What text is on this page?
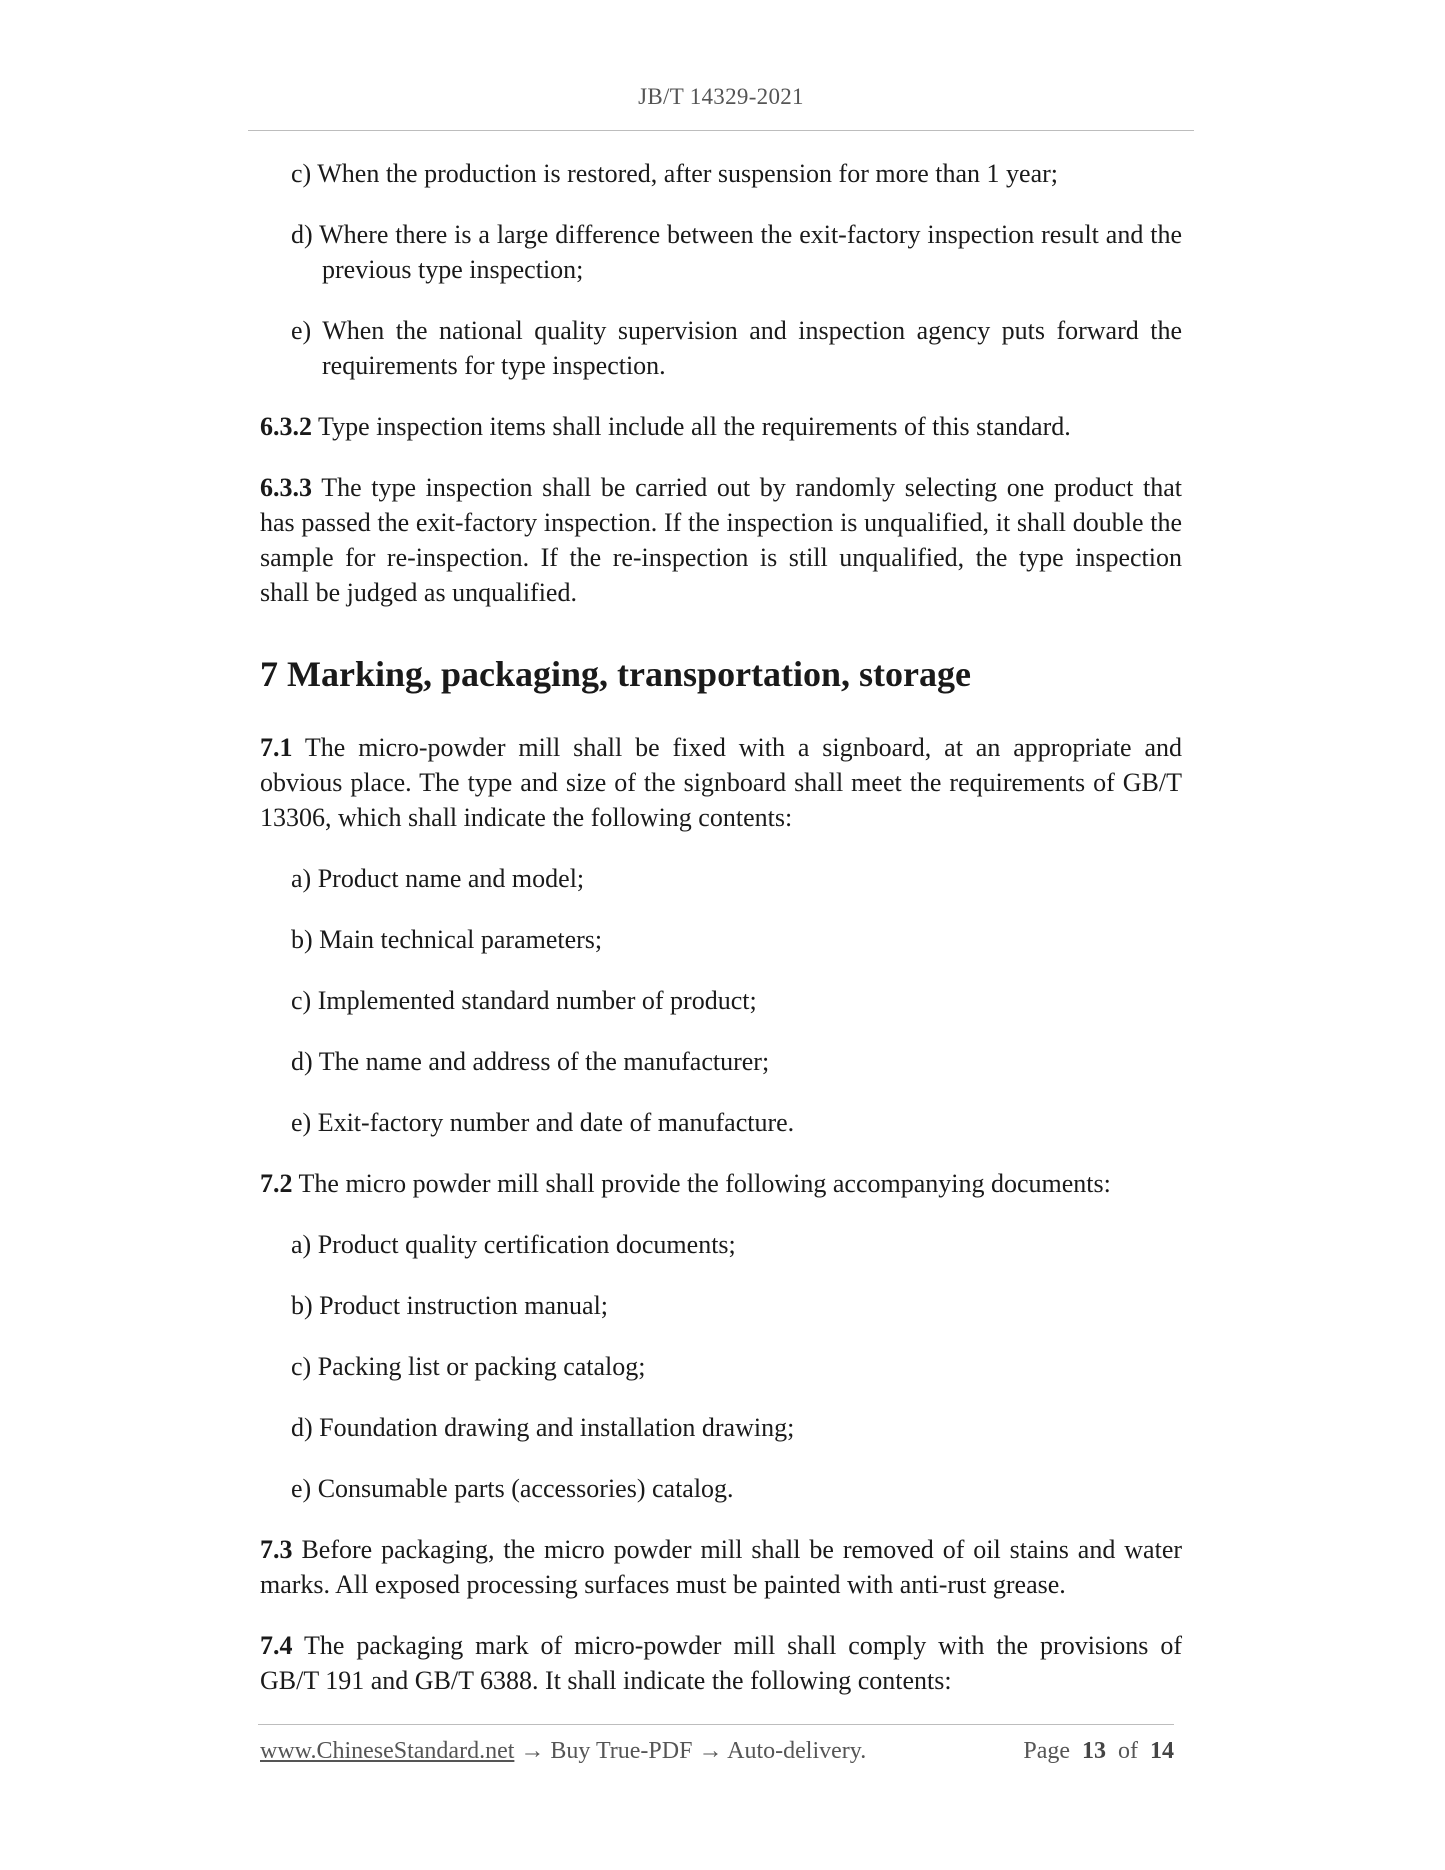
JB/T 14329-2021

c) When the production is restored, after suspension for more than 1 year;

d) Where there is a large difference between the exit-factory inspection result and the previous type inspection;

e) When the national quality supervision and inspection agency puts forward the requirements for type inspection.

6.3.2 Type inspection items shall include all the requirements of this standard.

6.3.3 The type inspection shall be carried out by randomly selecting one product that has passed the exit-factory inspection. If the inspection is unqualified, it shall double the sample for re-inspection. If the re-inspection is still unqualified, the type inspection shall be judged as unqualified.

7 Marking, packaging, transportation, storage

7.1 The micro-powder mill shall be fixed with a signboard, at an appropriate and obvious place. The type and size of the signboard shall meet the requirements of GB/T 13306, which shall indicate the following contents:

a) Product name and model;

b) Main technical parameters;

c) Implemented standard number of product;

d) The name and address of the manufacturer;

e) Exit-factory number and date of manufacture.

7.2 The micro powder mill shall provide the following accompanying documents:

a) Product quality certification documents;

b) Product instruction manual;

c) Packing list or packing catalog;

d) Foundation drawing and installation drawing;

e) Consumable parts (accessories) catalog.

7.3 Before packaging, the micro powder mill shall be removed of oil stains and water marks. All exposed processing surfaces must be painted with anti-rust grease.

7.4 The packaging mark of micro-powder mill shall comply with the provisions of GB/T 191 and GB/T 6388. It shall indicate the following contents:

www.ChineseStandard.net → Buy True-PDF → Auto-delivery.	Page 13 of 14
